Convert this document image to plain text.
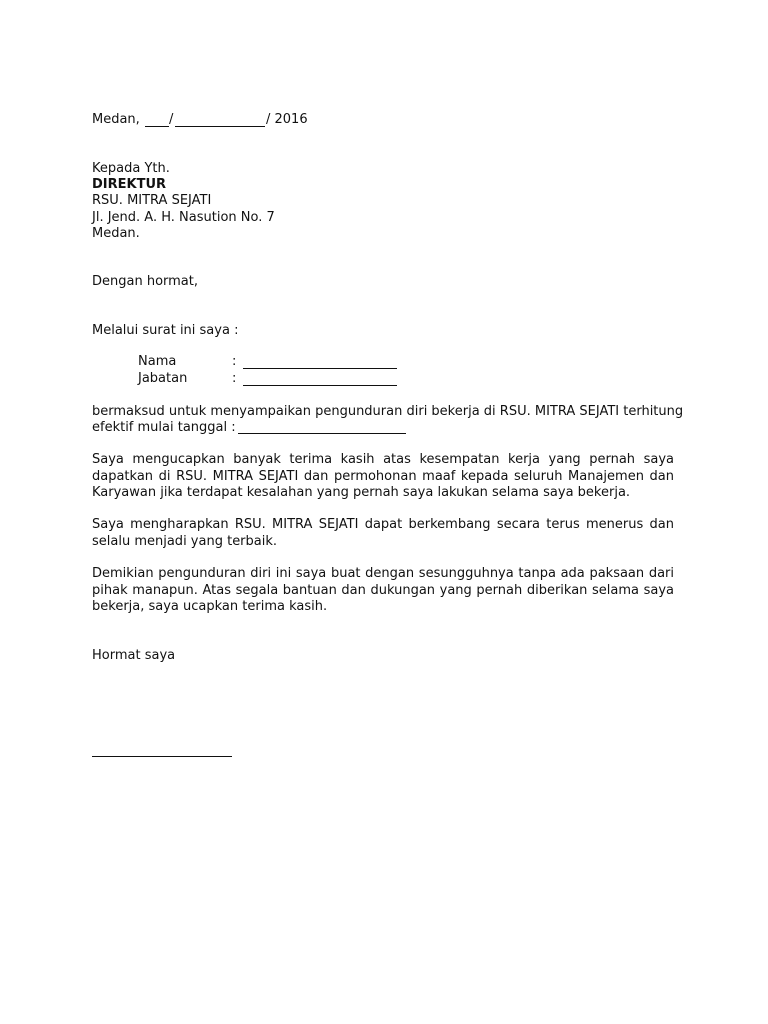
Medan, /	/ 2016
Kepada Yth.
DIREKTUR
RSU. MITRA SEJATI
Jl. Jend. A. H. Nasution No. 7
Medan.
Dengan hormat,
Melalui surat ini saya :
Nama	:
Jabatan	:
bermaksud untuk menyampaikan pengunduran diri bekerja di RSU. MITRA SEJATI terhitung
efektif mulai tanggal :
Saya mengucapkan banyak terima kasih atas kesempatan kerja yang pernah saya dapatkan di RSU. MITRA SEJATI dan permohonan maaf kepada seluruh Manajemen dan Karyawan jika terdapat kesalahan yang pernah saya lakukan selama saya bekerja.
Saya mengharapkan RSU. MITRA SEJATI dapat berkembang secara terus menerus dan selalu menjadi yang terbaik.
Demikian pengunduran diri ini saya buat dengan sesungguhnya tanpa ada paksaan dari pihak manapun. Atas segala bantuan dan dukungan yang pernah diberikan selama saya bekerja, saya ucapkan terima kasih.
Hormat saya
